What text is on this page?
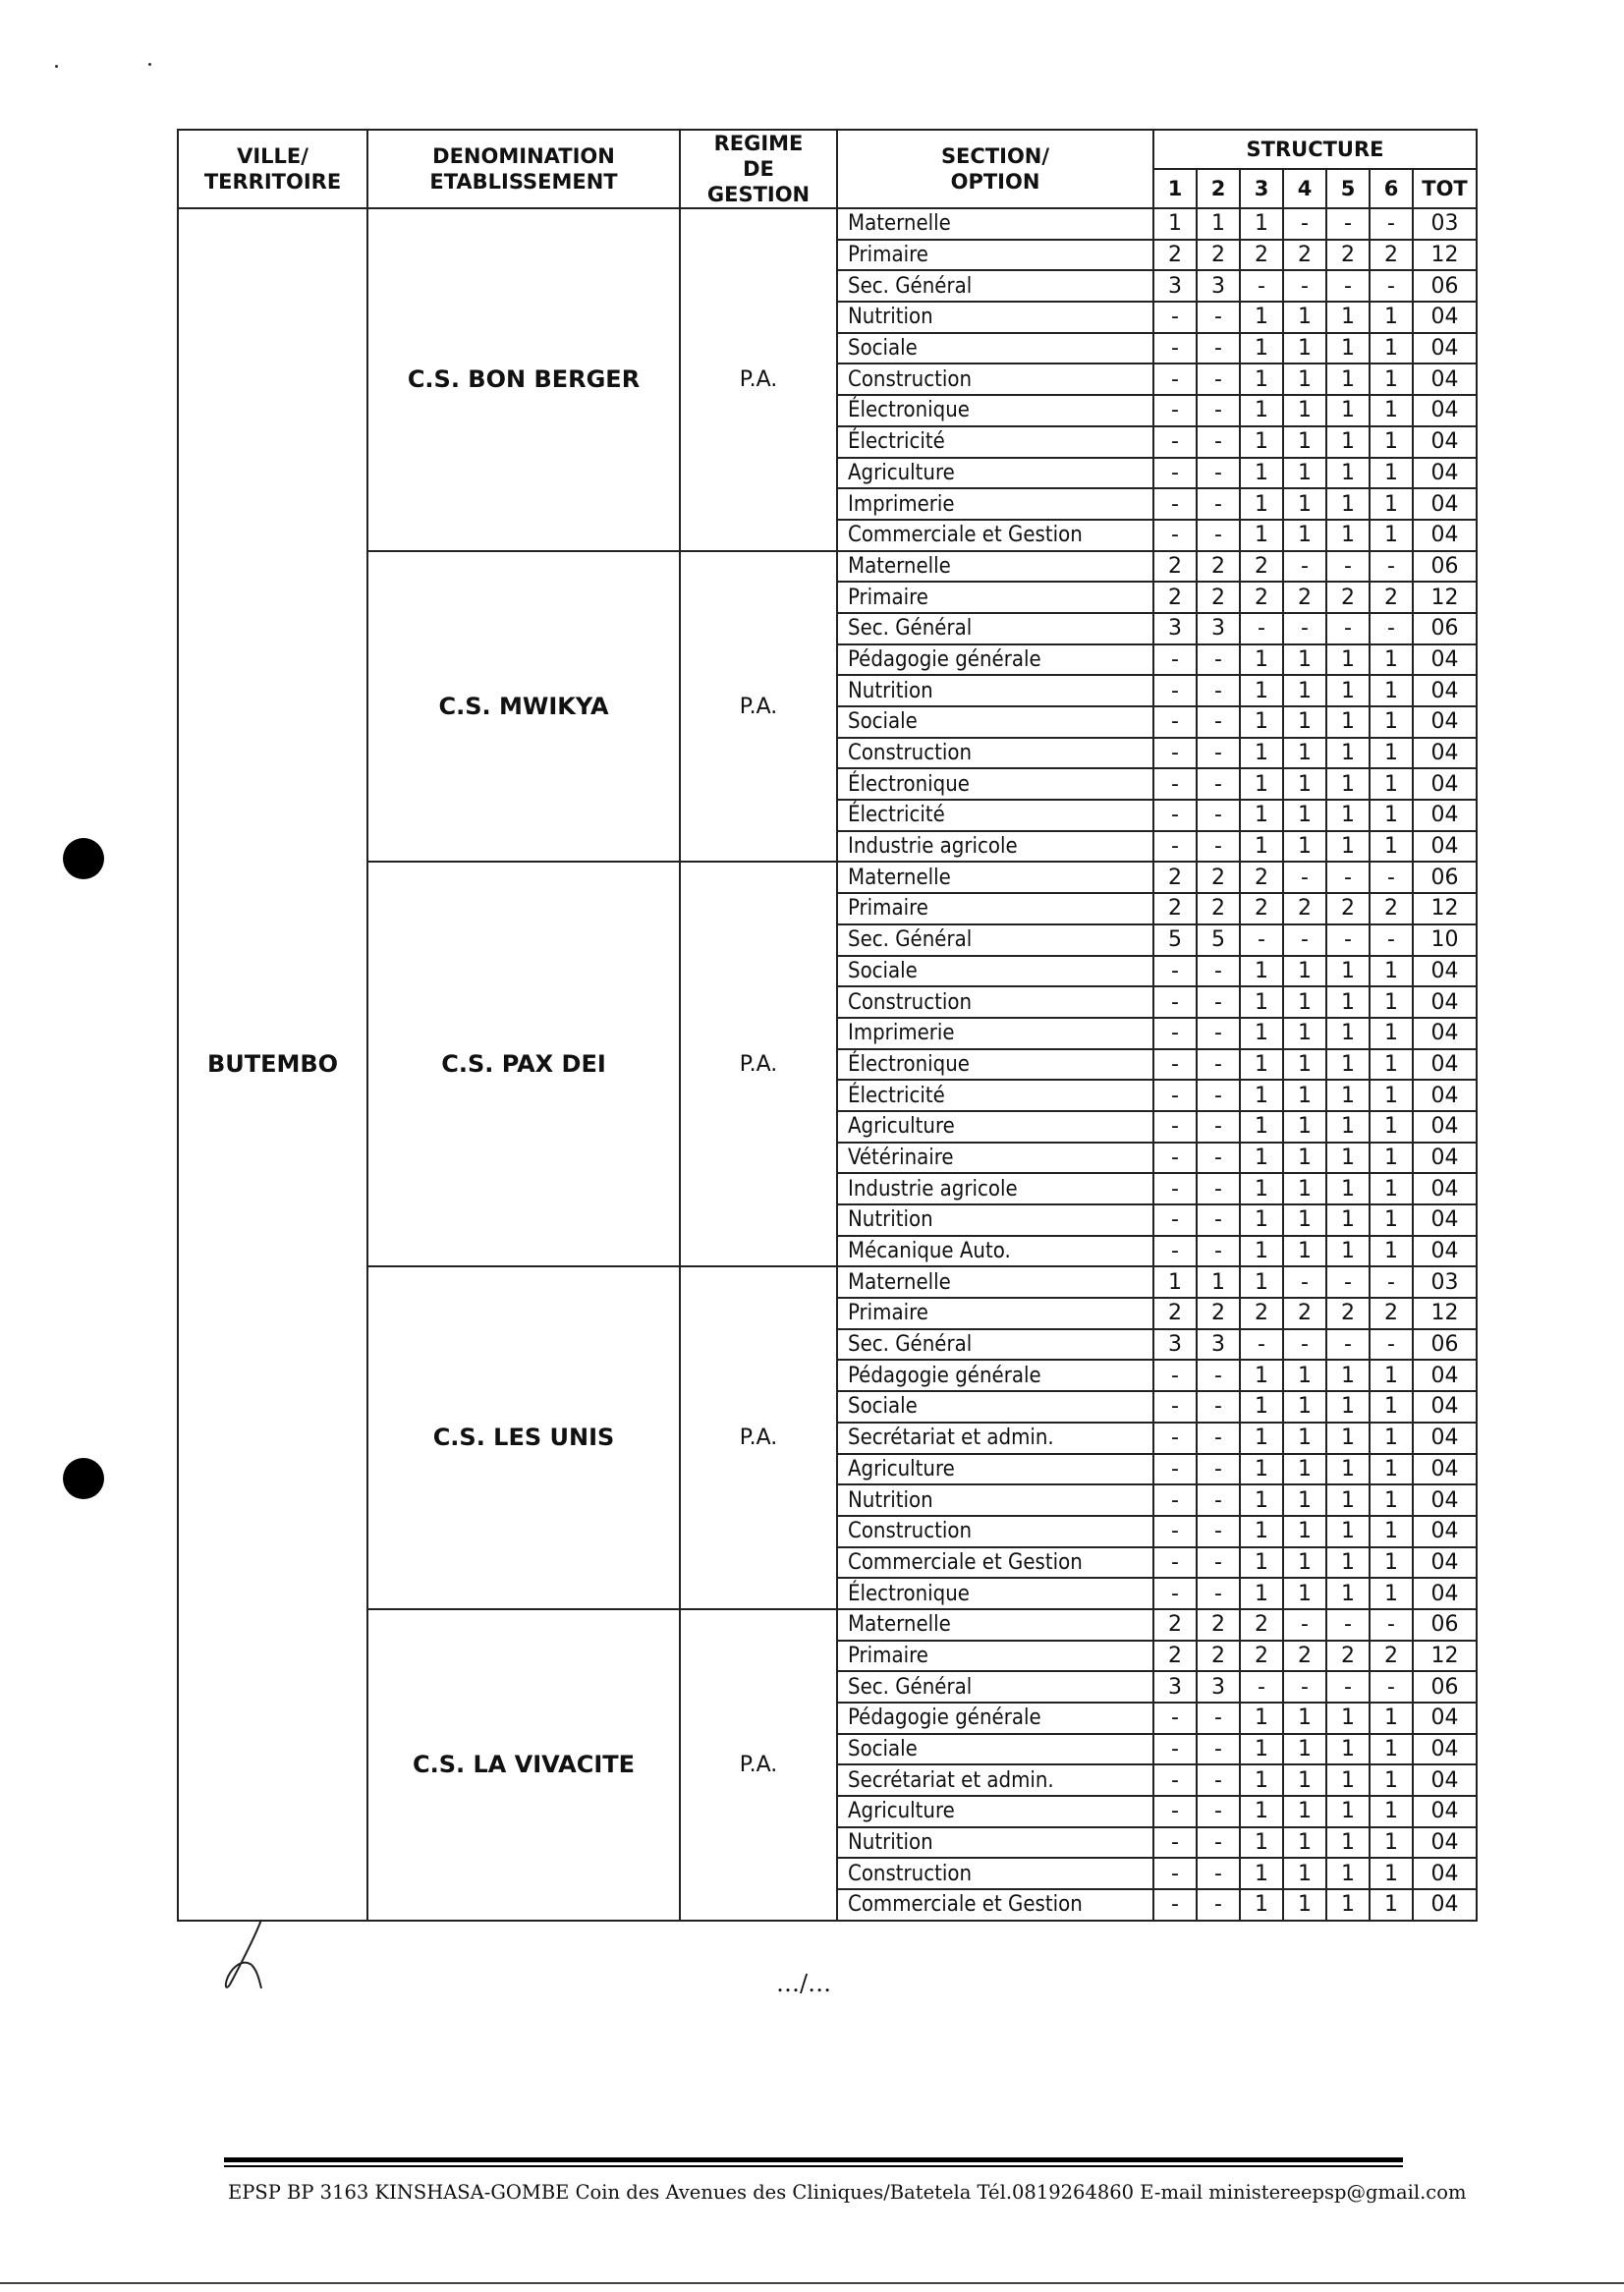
VILLE/
TERRITOIRE	DENOMINATION
ETABLISSEMENT	REGIME
DE
GESTION	SECTION/
OPTION	STRUCTURE						
				1	2	3	4	5	6	TOT
BUTEMBO	C.S. BON BERGER	P.A.	Maternelle	1	1	1	-	-	-	03
			Primaire	2	2	2	2	2	2	12
			Sec. Général	3	3	-	-	-	-	06
			Nutrition	-	-	1	1	1	1	04
			Sociale	-	-	1	1	1	1	04
			Construction	-	-	1	1	1	1	04
			Électronique	-	-	1	1	1	1	04
			Électricité	-	-	1	1	1	1	04
			Agriculture	-	-	1	1	1	1	04
			Imprimerie	-	-	1	1	1	1	04
			Commerciale et Gestion	-	-	1	1	1	1	04
	C.S. MWIKYA	P.A.	Maternelle	2	2	2	-	-	-	06
			Primaire	2	2	2	2	2	2	12
			Sec. Général	3	3	-	-	-	-	06
			Pédagogie générale	-	-	1	1	1	1	04
			Nutrition	-	-	1	1	1	1	04
			Sociale	-	-	1	1	1	1	04
			Construction	-	-	1	1	1	1	04
			Électronique	-	-	1	1	1	1	04
			Électricité	-	-	1	1	1	1	04
			Industrie agricole	-	-	1	1	1	1	04
	C.S. PAX DEI	P.A.	Maternelle	2	2	2	-	-	-	06
			Primaire	2	2	2	2	2	2	12
			Sec. Général	5	5	-	-	-	-	10
			Sociale	-	-	1	1	1	1	04
			Construction	-	-	1	1	1	1	04
			Imprimerie	-	-	1	1	1	1	04
			Électronique	-	-	1	1	1	1	04
			Électricité	-	-	1	1	1	1	04
			Agriculture	-	-	1	1	1	1	04
			Vétérinaire	-	-	1	1	1	1	04
			Industrie agricole	-	-	1	1	1	1	04
			Nutrition	-	-	1	1	1	1	04
			Mécanique Auto.	-	-	1	1	1	1	04
	C.S. LES UNIS	P.A.	Maternelle	1	1	1	-	-	-	03
			Primaire	2	2	2	2	2	2	12
			Sec. Général	3	3	-	-	-	-	06
			Pédagogie générale	-	-	1	1	1	1	04
			Sociale	-	-	1	1	1	1	04
			Secrétariat et admin.	-	-	1	1	1	1	04
			Agriculture	-	-	1	1	1	1	04
			Nutrition	-	-	1	1	1	1	04
			Construction	-	-	1	1	1	1	04
			Commerciale et Gestion	-	-	1	1	1	1	04
			Électronique	-	-	1	1	1	1	04
	C.S. LA VIVACITE	P.A.	Maternelle	2	2	2	-	-	-	06
			Primaire	2	2	2	2	2	2	12
			Sec. Général	3	3	-	-	-	-	06
			Pédagogie générale	-	-	1	1	1	1	04
			Sociale	-	-	1	1	1	1	04
			Secrétariat et admin.	-	-	1	1	1	1	04
			Agriculture	-	-	1	1	1	1	04
			Nutrition	-	-	1	1	1	1	04
			Construction	-	-	1	1	1	1	04
			Commerciale et Gestion	-	-	1	1	1	1	04
…/…
EPSP BP 3163 KINSHASA-GOMBE Coin des Avenues des Cliniques/Batetela Tél.0819264860 E-mail ministereepsp@gmail.com
